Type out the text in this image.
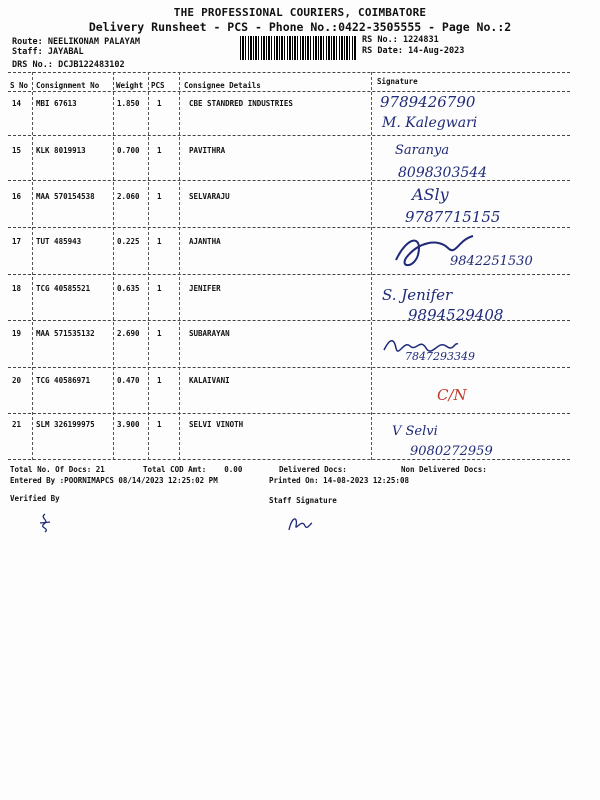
THE PROFESSIONAL COURIERS, COIMBATORE
Delivery Runsheet - PCS - Phone No.:0422-3505555 - Page No.:2
Route: NEELIKONAM PALAYAM
Staff: JAYABAL
DRS No.: DCJB122483102
RS No.: 1224831
RS Date: 14-Aug-2023
S No Consignment No Weight PCS	Consignee Details	Signature
14 MBI 67613	1.850 1	CBE STANDRED INDUSTRIES	9789426790
M. Kalegwari
15 KLK 8019913	0.700 1	PAVITHRA	Saranya
8098303544
16 MAA 570154538	2.060 1	SELVARAJU	ASly
9787715155
17 TUT 485943	0.225 1	AJANTHA
9842251530
18 TCG 40585521	0.635 1	JENIFER	S. Jenifer
9894529408
19 MAA 571535132	2.690 1	SUBARAYAN
7847293349
20 TCG 40586971	0.470 1	KALAIVANI
C/N
21 SLM 326199975	3.900 1	SELVI VINOTH	V Selvi
9080272959
Total No. Of Docs: 21	Total COD Amt: 0.00	Delivered Docs:	Non Delivered Docs:
Entered By :POORNIMAPCS 08/14/2023 12:25:02 PM	Printed On: 14-08-2023 12:25:08
Verified By	Staff Signature
